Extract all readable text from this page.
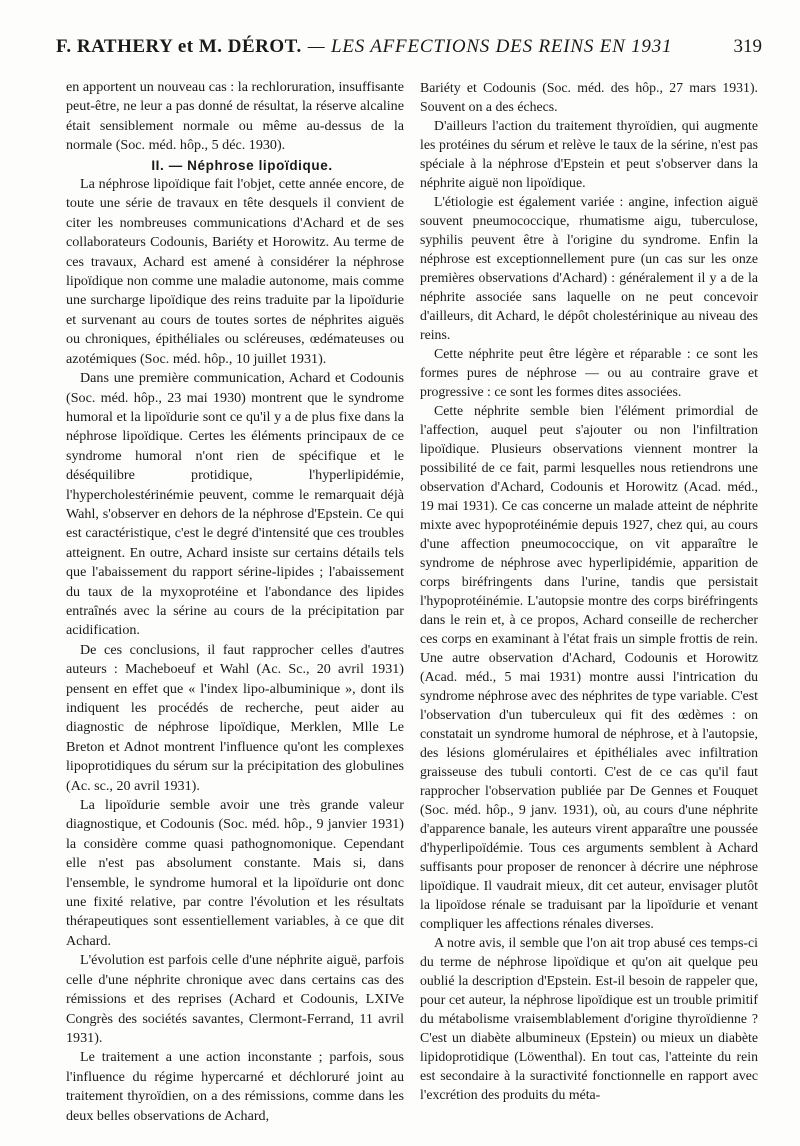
F. RATHERY et M. DÉROT. — LES AFFECTIONS DES REINS EN 1931	319

en apportent un nouveau cas : la rechloruration, insuffisante peut-être, ne leur a pas donné de résultat, la réserve alcaline était sensiblement normale ou même au-dessus de la normale (Soc. méd. hôp., 5 déc. 1930).

II. — Néphrose lipoïdique.

La néphrose lipoïdique fait l'objet, cette année encore, de toute une série de travaux en tête desquels il convient de citer les nombreuses communications d'Achard et de ses collaborateurs Codounis, Bariéty et Horowitz. Au terme de ces travaux, Achard est amené à considérer la néphrose lipoïdique non comme une maladie autonome, mais comme une surcharge lipoïdique des reins traduite par la lipoïdurie et survenant au cours de toutes sortes de néphrites aiguës ou chroniques, épithéliales ou scléreuses, œdémateuses ou azotémiques (Soc. méd. hôp., 10 juillet 1931).

Dans une première communication, Achard et Codounis (Soc. méd. hôp., 23 mai 1930) montrent que le syndrome humoral et la lipoïdurie sont ce qu'il y a de plus fixe dans la néphrose lipoïdique. Certes les éléments principaux de ce syndrome humoral n'ont rien de spécifique et le déséquilibre protidique, l'hyperlipidémie, l'hypercholestérinémie peuvent, comme le remarquait déjà Wahl, s'observer en dehors de la néphrose d'Epstein. Ce qui est caractéristique, c'est le degré d'intensité que ces troubles atteignent. En outre, Achard insiste sur certains détails tels que l'abaissement du rapport sérine-lipides ; l'abaissement du taux de la myxoprotéine et l'abondance des lipides entraînés avec la sérine au cours de la précipitation par acidification.

De ces conclusions, il faut rapprocher celles d'autres auteurs : Macheboeuf et Wahl (Ac. Sc., 20 avril 1931) pensent en effet que « l'index lipo-albuminique », dont ils indiquent les procédés de recherche, peut aider au diagnostic de néphrose lipoïdique, Merklen, Mlle Le Breton et Adnot montrent l'influence qu'ont les complexes lipoprotidiques du sérum sur la précipitation des globulines (Ac. sc., 20 avril 1931).

La lipoïdurie semble avoir une très grande valeur diagnostique, et Codounis (Soc. méd. hôp., 9 janvier 1931) la considère comme quasi pathognomonique. Cependant elle n'est pas absolument constante. Mais si, dans l'ensemble, le syndrome humoral et la lipoïdurie ont donc une fixité relative, par contre l'évolution et les résultats thérapeutiques sont essentiellement variables, à ce que dit Achard.

L'évolution est parfois celle d'une néphrite aiguë, parfois celle d'une néphrite chronique avec dans certains cas des rémissions et des reprises (Achard et Codounis, LXIVe Congrès des sociétés savantes, Clermont-Ferrand, 11 avril 1931).

Le traitement a une action inconstante ; parfois, sous l'influence du régime hypercarné et déchloruré joint au traitement thyroïdien, on a des rémissions, comme dans les deux belles observations de Achard,

Bariéty et Codounis (Soc. méd. des hôp., 27 mars 1931). Souvent on a des échecs.

D'ailleurs l'action du traitement thyroïdien, qui augmente les protéines du sérum et relève le taux de la sérine, n'est pas spéciale à la néphrose d'Epstein et peut s'observer dans la néphrite aiguë non lipoïdique.

L'étiologie est également variée : angine, infection aiguë souvent pneumococcique, rhumatisme aigu, tuberculose, syphilis peuvent être à l'origine du syndrome. Enfin la néphrose est exceptionnellement pure (un cas sur les onze premières observations d'Achard) : généralement il y a de la néphrite associée sans laquelle on ne peut concevoir d'ailleurs, dit Achard, le dépôt cholestérinique au niveau des reins.

Cette néphrite peut être légère et réparable : ce sont les formes pures de néphrose — ou au contraire grave et progressive : ce sont les formes dites associées.

Cette néphrite semble bien l'élément primordial de l'affection, auquel peut s'ajouter ou non l'infiltration lipoïdique. Plusieurs observations viennent montrer la possibilité de ce fait, parmi lesquelles nous retiendrons une observation d'Achard, Codounis et Horowitz (Acad. méd., 19 mai 1931). Ce cas concerne un malade atteint de néphrite mixte avec hypoprotéinémie depuis 1927, chez qui, au cours d'une affection pneumococcique, on vit apparaître le syndrome de néphrose avec hyperlipidémie, apparition de corps biréfringents dans l'urine, tandis que persistait l'hypoprotéinémie. L'autopsie montre des corps biréfringents dans le rein et, à ce propos, Achard conseille de rechercher ces corps en examinant à l'état frais un simple frottis de rein. Une autre observation d'Achard, Codounis et Horowitz (Acad. méd., 5 mai 1931) montre aussi l'intrication du syndrome néphrose avec des néphrites de type variable. C'est l'observation d'un tuberculeux qui fit des œdèmes : on constatait un syndrome humoral de néphrose, et à l'autopsie, des lésions glomérulaires et épithéliales avec infiltration graisseuse des tubuli contorti. C'est de ce cas qu'il faut rapprocher l'observation publiée par De Gennes et Fouquet (Soc. méd. hôp., 9 janv. 1931), où, au cours d'une néphrite d'apparence banale, les auteurs virent apparaître une poussée d'hyperlipoïdémie. Tous ces arguments semblent à Achard suffisants pour proposer de renoncer à décrire une néphrose lipoïdique. Il vaudrait mieux, dit cet auteur, envisager plutôt la lipoïdose rénale se traduisant par la lipoïdurie et venant compliquer les affections rénales diverses.

A notre avis, il semble que l'on ait trop abusé ces temps-ci du terme de néphrose lipoïdique et qu'on ait quelque peu oublié la description d'Epstein. Est-il besoin de rappeler que, pour cet auteur, la néphrose lipoïdique est un trouble primitif du métabolisme vraisemblablement d'origine thyroïdienne ? C'est un diabète albumineux (Epstein) ou mieux un diabète lipidoprotidique (Löwenthal). En tout cas, l'atteinte du rein est secondaire à la suractivité fonctionnelle en rapport avec l'excrétion des produits du méta-
